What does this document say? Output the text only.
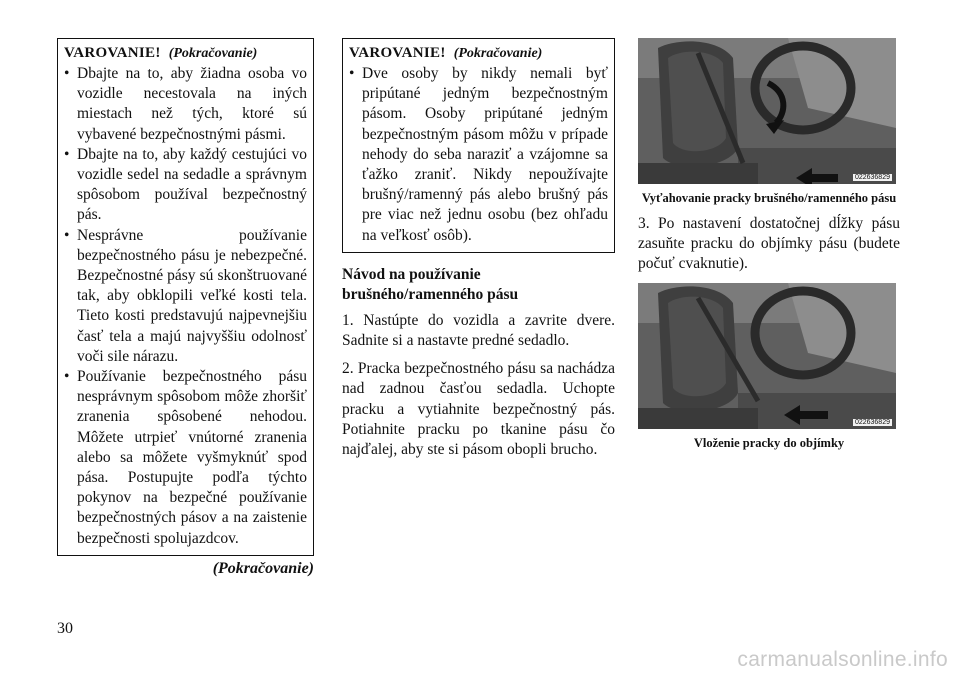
VAROVANIE! (Pokračovanie)
• Dbajte na to, aby žiadna osoba vo vozidle necestovala na iných miestach než tých, ktoré sú vybavené bezpečnostnými pásmi.
• Dbajte na to, aby každý cestujúci vo vozidle sedel na sedadle a správnym spôsobom používal bezpečnostný pás.
• Nesprávne používanie bezpečnostného pásu je nebezpečné. Bezpečnostné pásy sú skonštruované tak, aby obklopili veľké kosti tela. Tieto kosti predstavujú najpevnejšiu časť tela a majú najvyššiu odolnosť voči sile nárazu.
• Používanie bezpečnostného pásu nesprávnym spôsobom môže zhoršiť zranenia spôsobené nehodou. Môžete utrpieť vnútorné zranenia alebo sa môžete vyšmyknúť spod pása. Postupujte podľa týchto pokynov na bezpečné používanie bezpečnostných pásov a na zaistenie bezpečnosti spolujazdcov.
(Pokračovanie)
VAROVANIE! (Pokračovanie)
• Dve osoby by nikdy nemali byť pripútané jedným bezpečnostným pásom. Osoby pripútané jedným bezpečnostným pásom môžu v prípade nehody do seba naraziť a vzájomne sa ťažko zraniť. Nikdy nepoužívajte brušný/ramenný pás alebo brušný pás pre viac než jednu osobu (bez ohľadu na veľkosť osôb).
Návod na používanie brušného/ramenného pásu

1. Nastúpte do vozidla a zavrite dvere. Sadnite si a nastavte predné sedadlo.

2. Pracka bezpečnostného pásu sa nachádza nad zadnou časťou sedadla. Uchopte pracku a vytiahnite bezpečnostný pás. Potiahnite pracku po tkanine pásu čo najďalej, aby ste si pásom obopli brucho.

022636829
Vyťahovanie pracky brušného/ramenného pásu

3. Po nastavení dostatočnej dĺžky pásu zasuňte pracku do objímky pásu (budete počuť cvaknutie).

022636829
Vloženie pracky do objímky
30
carmanualsonline.info
